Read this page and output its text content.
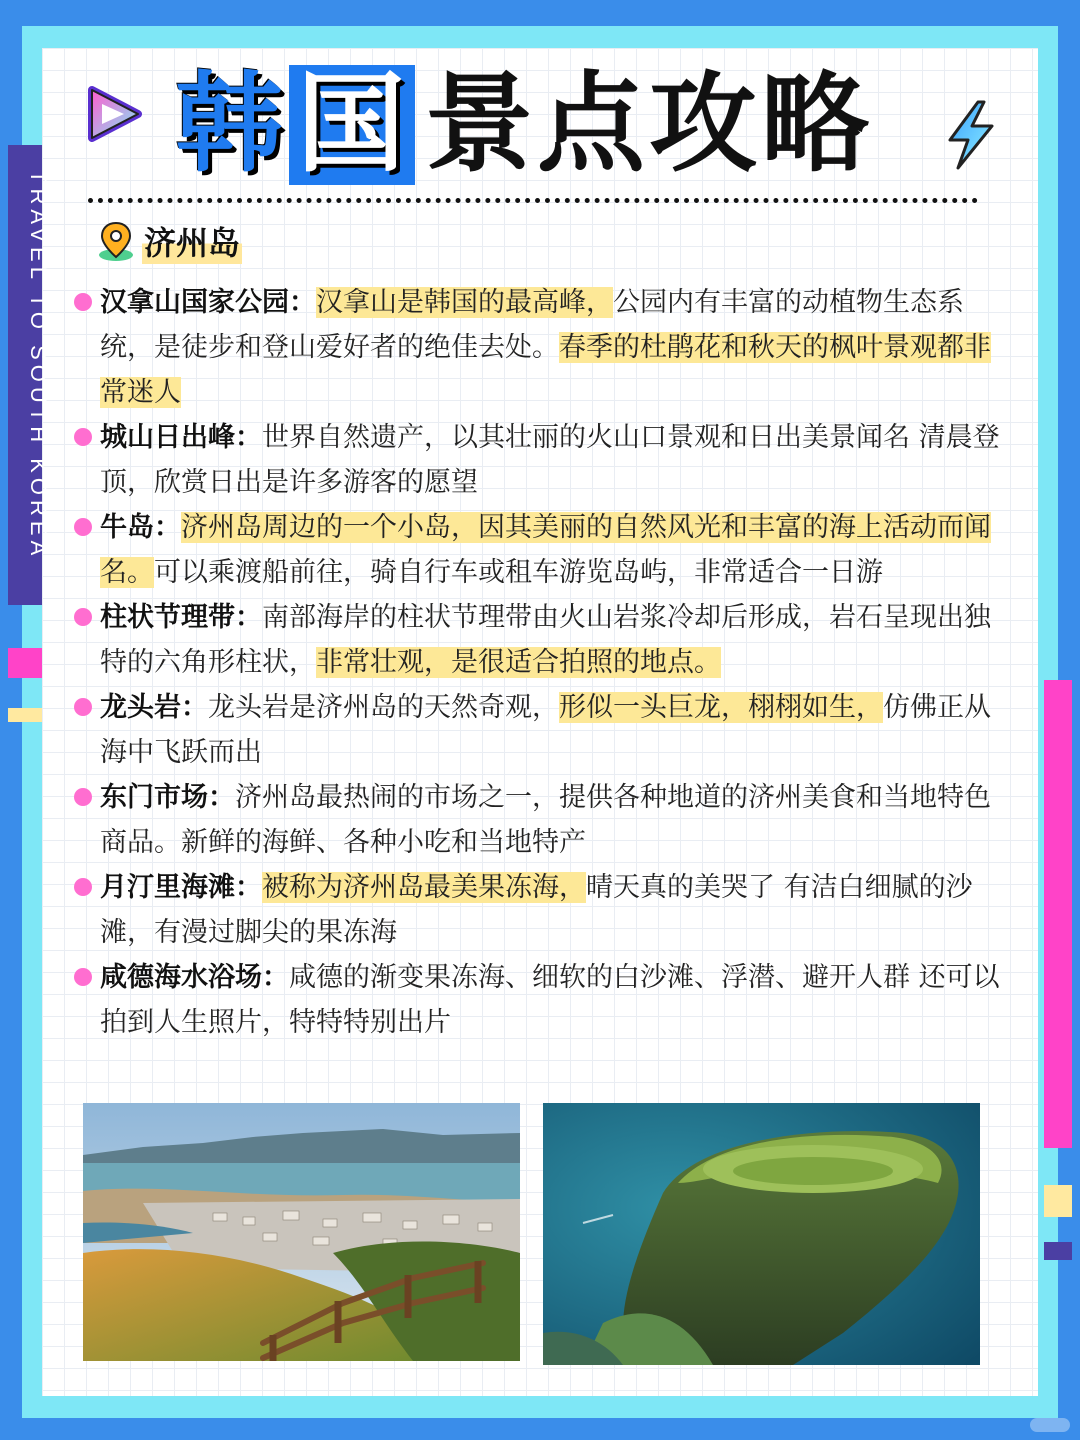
TRAVEL TO SOUTH KOREA
韩 国 景点攻略
济州岛

汉拿山国家公园：汉拿山是韩国的最高峰，公园内有丰富的动植物生态系统，是徒步和登山爱好者的绝佳去处。春季的杜鹃花和秋天的枫叶景观都非常迷人

城山日出峰：世界自然遗产，以其壮丽的火山口景观和日出美景闻名 清晨登顶，欣赏日出是许多游客的愿望

牛岛：济州岛周边的一个小岛，因其美丽的自然风光和丰富的海上活动而闻名。可以乘渡船前往，骑自行车或租车游览岛屿，非常适合一日游

柱状节理带：南部海岸的柱状节理带由火山岩浆冷却后形成，岩石呈现出独特的六角形柱状，非常壮观，是很适合拍照的地点。

龙头岩：龙头岩是济州岛的天然奇观，形似一头巨龙，栩栩如生，仿佛正从海中飞跃而出

东门市场：济州岛最热闹的市场之一，提供各种地道的济州美食和当地特色商品。新鲜的海鲜、各种小吃和当地特产

月汀里海滩：被称为济州岛最美果冻海，晴天真的美哭了 有洁白细腻的沙滩，有漫过脚尖的果冻海

咸德海水浴场：咸德的渐变果冻海、细软的白沙滩、浮潜、避开人群 还可以拍到人生照片，特特特别出片
